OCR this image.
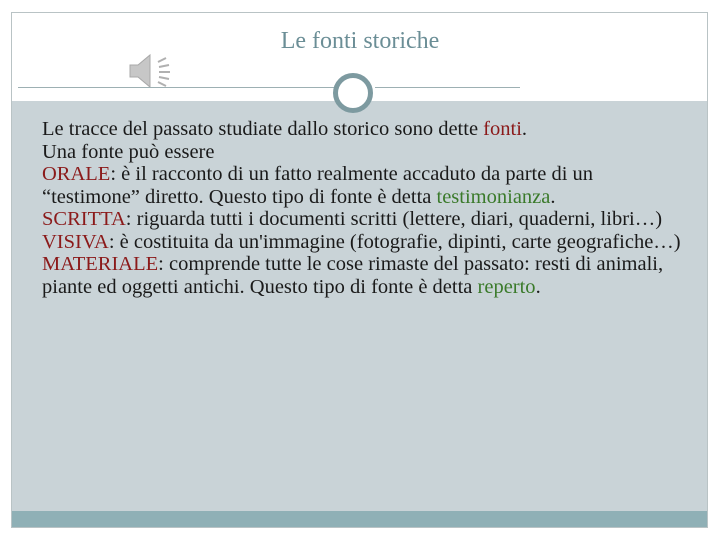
Le fonti storiche

Le tracce del passato studiate dallo storico sono dette fonti.

Una fonte può essere

ORALE: è il racconto di un fatto realmente accaduto da parte di un “testimone” diretto. Questo tipo di fonte è detta testimonianza.

SCRITTA: riguarda tutti i documenti scritti (lettere, diari, quaderni, libri…)

VISIVA: è costituita da un'immagine (fotografie, dipinti, carte geografiche…)

MATERIALE: comprende tutte le cose rimaste del passato: resti di animali, piante ed oggetti antichi. Questo tipo di fonte è detta reperto.
